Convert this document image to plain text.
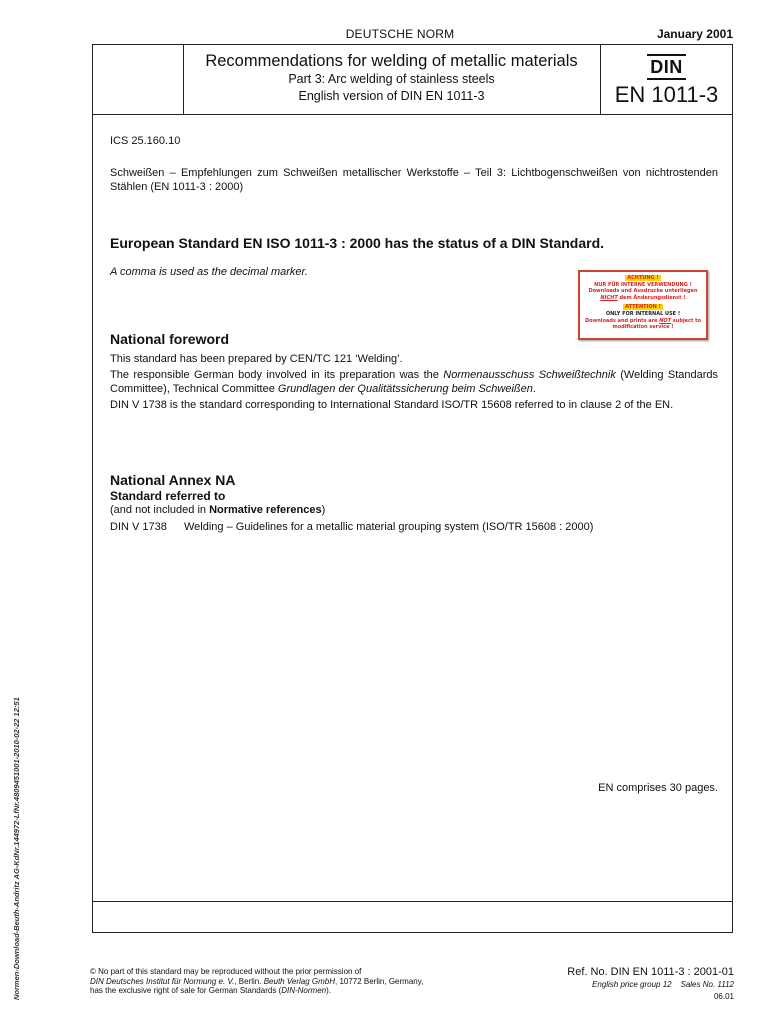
DEUTSCHE NORM	January 2001
Recommendations for welding of metallic materials
Part 3: Arc welding of stainless steels
English version of DIN EN 1011-3
DIN
EN 1011-3
ICS 25.160.10
Schweißen – Empfehlungen zum Schweißen metallischer Werkstoffe – Teil 3: Lichtbogenschweißen von nichtrostenden Stählen (EN 1011-3 : 2000)
European Standard EN ISO 1011-3 : 2000 has the status of a DIN Standard.
A comma is used as the decimal marker.	ACHTUNG !
NUR FÜR INTERNE VERWENDUNG !
Downloads und Ausdrucke unterliegen
NICHT dem Änderungsdienst !
ATTENTION !
ONLY FOR INTERNAL USE !
Downloads and prints are NOT subject to
modification service !
National foreword

This standard has been prepared by CEN/TC 121 ‘Welding’.

The responsible German body involved in its preparation was the Normenausschuss Schweißtechnik (Welding Standards Committee), Technical Committee Grundlagen der Qualitätssicherung beim Schweißen.

DIN V 1738 is the standard corresponding to International Standard ISO/TR 15608 referred to in clause 2 of the EN.

National Annex NA
Standard referred to
(and not included in Normative references)
DIN V 1738 Welding – Guidelines for a metallic material grouping system (ISO/TR 15608 : 2000)
EN comprises 30 pages.
© No part of this standard may be reproduced without the prior permission of
DIN Deutsches Institut für Normung e. V., Berlin. Beuth Verlag GmbH, 10772 Berlin, Germany,
has the exclusive right of sale for German Standards (DIN-Normen).
Ref. No. DIN EN 1011-3 : 2001-01
English price group 12 Sales No. 1112
06.01
Normen-Download-Beuth-Andritz AG-KdNr.144972-LfNr.4809451001-2010-02-22 12:51
